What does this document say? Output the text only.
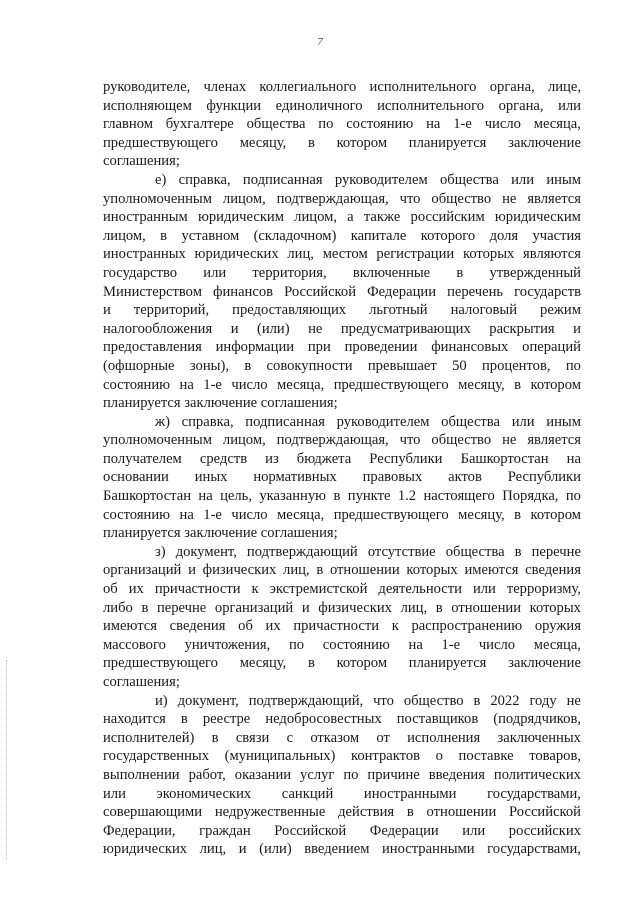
7
руководителе, членах коллегиального исполнительного органа, лице,
исполняющем функции единоличного исполнительного органа, или
главном бухгалтере общества по состоянию на 1-е число месяца,
предшествующего месяцу, в котором планируется заключение
соглашения;
е) справка, подписанная руководителем общества или иным
уполномоченным лицом, подтверждающая, что общество не является
иностранным юридическим лицом, а также российским юридическим
лицом, в уставном (складочном) капитале которого доля участия
иностранных юридических лиц, местом регистрации которых являются
государство или территория, включенные в утвержденный
Министерством финансов Российской Федерации перечень государств
и территорий, предоставляющих льготный налоговый режим
налогообложения и (или) не предусматривающих раскрытия и
предоставления информации при проведении финансовых операций
(офшорные зоны), в совокупности превышает 50 процентов, по
состоянию на 1-е число месяца, предшествующего месяцу, в котором
планируется заключение соглашения;
ж) справка, подписанная руководителем общества или иным
уполномоченным лицом, подтверждающая, что общество не является
получателем средств из бюджета Республики Башкортостан на
основании иных нормативных правовых актов Республики
Башкортостан на цель, указанную в пункте 1.2 настоящего Порядка, по
состоянию на 1-е число месяца, предшествующего месяцу, в котором
планируется заключение соглашения;
з) документ, подтверждающий отсутствие общества в перечне
организаций и физических лиц, в отношении которых имеются сведения
об их причастности к экстремистской деятельности или терроризму,
либо в перечне организаций и физических лиц, в отношении которых
имеются сведения об их причастности к распространению оружия
массового уничтожения, по состоянию на 1-е число месяца,
предшествующего месяцу, в котором планируется заключение
соглашения;
и) документ, подтверждающий, что общество в 2022 году не
находится в реестре недобросовестных поставщиков (подрядчиков,
исполнителей) в связи с отказом от исполнения заключенных
государственных (муниципальных) контрактов о поставке товаров,
выполнении работ, оказании услуг по причине введения политических
или экономических санкций иностранными государствами,
совершающими недружественные действия в отношении Российской
Федерации, граждан Российской Федерации или российских
юридических лиц, и (или) введением иностранными государствами,
